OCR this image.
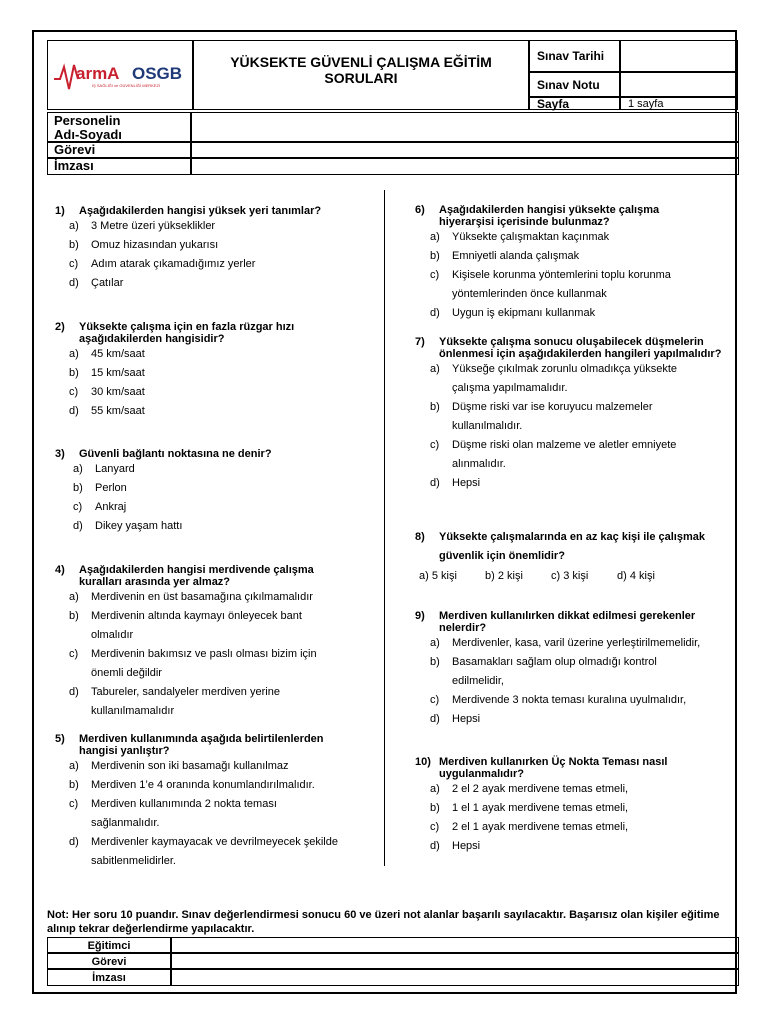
armA OSGB
İŞ SAĞLIĞI ve GÜVENLİĞİ MERKEZİ
YÜKSEKTE GÜVENLİ ÇALIŞMA EĞİTİM
SORULARI
Sınav Tarihi
Sınav Notu
Sayfa	1 sayfa
Personelin
Adı-Soyadı
Görevi
İmzası
1)	Aşağıdakilerden hangisi yüksek yeri tanımlar?
a)	3 Metre üzeri yükseklikler
b)	Omuz hizasından yukarısı
c)	Adım atarak çıkamadığımız yerler
d)	Çatılar
2)	Yüksekte çalışma için en fazla rüzgar hızı aşağıdakilerden hangisidir?
a)	45 km/saat
b)	15 km/saat
c)	30 km/saat
d)	55 km/saat
3)	Güvenli bağlantı noktasına ne denir?
a)	Lanyard
b)	Perlon
c)	Ankraj
d)	Dikey yaşam hattı
4)	Aşağıdakilerden hangisi merdivende çalışma kuralları arasında yer almaz?
a)	Merdivenin en üst basamağına çıkılmamalıdır
b)	Merdivenin altında kaymayı önleyecek bant olmalıdır
c)	Merdivenin bakımsız ve paslı olması bizim için önemli değildir
d)	Tabureler, sandalyeler merdiven yerine kullanılmamalıdır
5)	Merdiven kullanımında aşağıda belirtilenlerden hangisi yanlıştır?
a)	Merdivenin son iki basamağı kullanılmaz
b)	Merdiven 1’e 4 oranında konumlandırılmalıdır.
c)	Merdiven kullanımında 2 nokta teması sağlanmalıdır.
d)	Merdivenler kaymayacak ve devrilmeyecek şekilde sabitlenmelidirler.
6)	Aşağıdakilerden hangisi yüksekte çalışma hiyerarşisi içerisinde bulunmaz?
a)	Yüksekte çalışmaktan kaçınmak
b)	Emniyetli alanda çalışmak
c)	Kişisele korunma yöntemlerini toplu korunma yöntemlerinden önce kullanmak
d)	Uygun iş ekipmanı kullanmak
7)	Yüksekte çalışma sonucu oluşabilecek düşmelerin önlenmesi için aşağıdakilerden hangileri yapılmalıdır?
a)	Yükseğe çıkılmak zorunlu olmadıkça yüksekte çalışma yapılmamalıdır.
b)	Düşme riski var ise koruyucu malzemeler kullanılmalıdır.
c)	Düşme riski olan malzeme ve aletler emniyete alınmalıdır.
d)	Hepsi
8)	Yüksekte çalışmalarında en az kaç kişi ile çalışmak güvenlik için önemlidir?
a) 5 kişi	b) 2 kişi	c) 3 kişi	d) 4 kişi
9)	Merdiven kullanılırken dikkat edilmesi gerekenler nelerdir?
a)	Merdivenler, kasa, varil üzerine yerleştirilmemelidir,
b)	Basamakları sağlam olup olmadığı kontrol edilmelidir,
c)	Merdivende 3 nokta teması kuralına uyulmalıdır,
d)	Hepsi
10) Merdiven kullanırken Üç Nokta Teması nasıl uygulanmalıdır?
a)	2 el 2 ayak merdivene temas etmeli,
b)	1 el 1 ayak merdivene temas etmeli,
c)	2 el 1 ayak merdivene temas etmeli,
d)	Hepsi
Not: Her soru 10 puandır. Sınav değerlendirmesi sonucu 60 ve üzeri not alanlar başarılı sayılacaktır. Başarısız olan kişiler eğitime alınıp tekrar değerlendirme yapılacaktır.
Eğitimci
Görevi
İmzası
